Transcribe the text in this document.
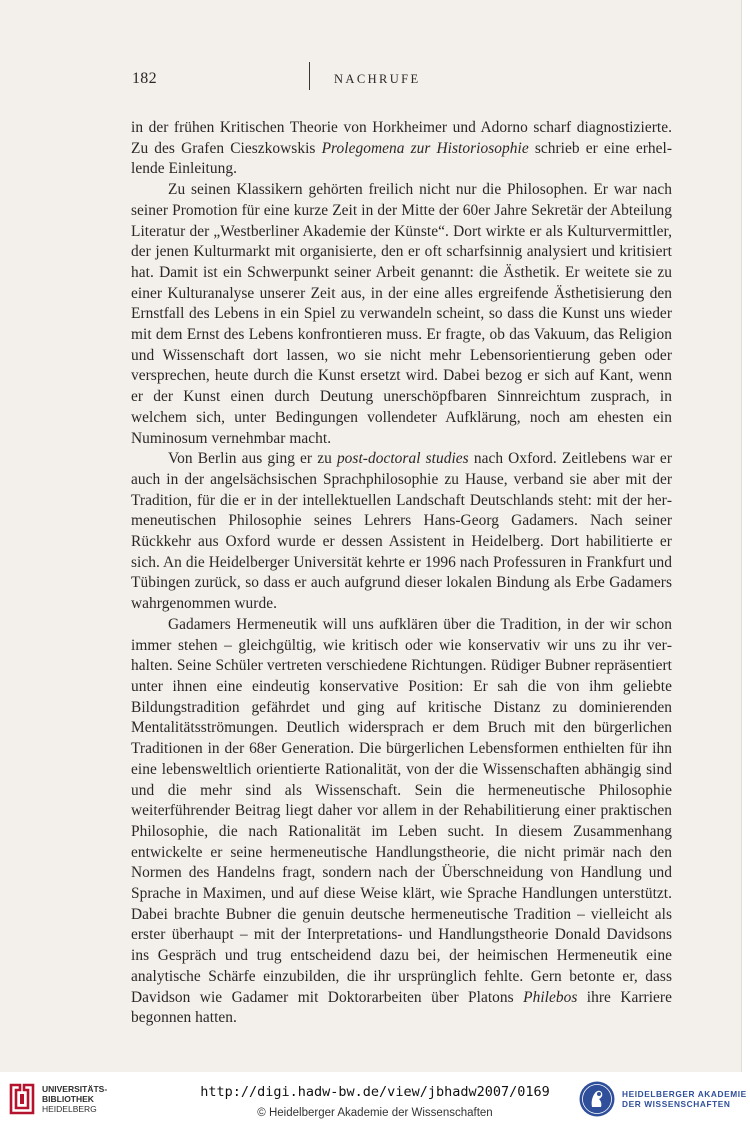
182	NACHRUFE

in der frühen Kritischen Theorie von Horkheimer und Adorno scharf diagnostizierte. Zu des Grafen Cieszkowskis Prolegomena zur Historiosophie schrieb er eine erhellende Einleitung.

Zu seinen Klassikern gehörten freilich nicht nur die Philosophen. Er war nach seiner Promotion für eine kurze Zeit in der Mitte der 60er Jahre Sekretär der Abteilung Literatur der „Westberliner Akademie der Künste“. Dort wirkte er als Kulturvermittler, der jenen Kulturmarkt mit organisierte, den er oft scharfsinnig analysiert und kritisiert hat. Damit ist ein Schwerpunkt seiner Arbeit genannt: die Ästhetik. Er weitete sie zu einer Kulturanalyse unserer Zeit aus, in der eine alles ergreifende Ästhetisierung den Ernstfall des Lebens in ein Spiel zu verwandeln scheint, so dass die Kunst uns wieder mit dem Ernst des Lebens konfrontieren muss. Er fragte, ob das Vakuum, das Religion und Wissenschaft dort lassen, wo sie nicht mehr Lebensorientierung geben oder versprechen, heute durch die Kunst ersetzt wird. Dabei bezog er sich auf Kant, wenn er der Kunst einen durch Deutung unerschöpfbaren Sinnreichtum zusprach, in welchem sich, unter Bedingungen vollendeter Aufklärung, noch am ehesten ein Numinosum vernehmbar macht.

Von Berlin aus ging er zu post-doctoral studies nach Oxford. Zeitlebens war er auch in der angelsächsischen Sprachphilosophie zu Hause, verband sie aber mit der Tradition, für die er in der intellektuellen Landschaft Deutschlands steht: mit der hermeneutischen Philosophie seines Lehrers Hans-Georg Gadamers. Nach seiner Rückkehr aus Oxford wurde er dessen Assistent in Heidelberg. Dort habilitierte er sich. An die Heidelberger Universität kehrte er 1996 nach Professuren in Frankfurt und Tübingen zurück, so dass er auch aufgrund dieser lokalen Bindung als Erbe Gadamers wahrgenommen wurde.

Gadamers Hermeneutik will uns aufklären über die Tradition, in der wir schon immer stehen – gleichgültig, wie kritisch oder wie konservativ wir uns zu ihr verhalten. Seine Schüler vertreten verschiedene Richtungen. Rüdiger Bubner repräsentiert unter ihnen eine eindeutig konservative Position: Er sah die von ihm geliebte Bildungstradition gefährdet und ging auf kritische Distanz zu dominierenden Mentalitätsströmungen. Deutlich widersprach er dem Bruch mit den bürgerlichen Traditionen in der 68er Generation. Die bürgerlichen Lebensformen enthielten für ihn eine lebensweltlich orientierte Rationalität, von der die Wissenschaften abhängig sind und die mehr sind als Wissenschaft. Sein die hermeneutische Philosophie weiterführender Beitrag liegt daher vor allem in der Rehabilitierung einer praktischen Philosophie, die nach Rationalität im Leben sucht. In diesem Zusammenhang entwickelte er seine hermeneutische Handlungstheorie, die nicht primär nach den Normen des Handelns fragt, sondern nach der Überschneidung von Handlung und Sprache in Maximen, und auf diese Weise klärt, wie Sprache Handlungen unterstützt. Dabei brachte Bubner die genuin deutsche hermeneutische Tradition – vielleicht als erster überhaupt – mit der Interpretations- und Handlungstheorie Donald Davidsons ins Gespräch und trug entscheidend dazu bei, der heimischen Hermeneutik eine analytische Schärfe einzubilden, die ihr ursprünglich fehlte. Gern betonte er, dass Davidson wie Gadamer mit Doktorarbeiten über Platons Philebos ihre Karriere begonnen hatten.

UNIVERSITÄTS-
BIBLIOTHEK
HEIDELBERG
http://digi.hadw-bw.de/view/jbhadw2007/0169
© Heidelberger Akademie der Wissenschaften
HEIDELBERGER AKADEMIE
DER WISSENSCHAFTEN
